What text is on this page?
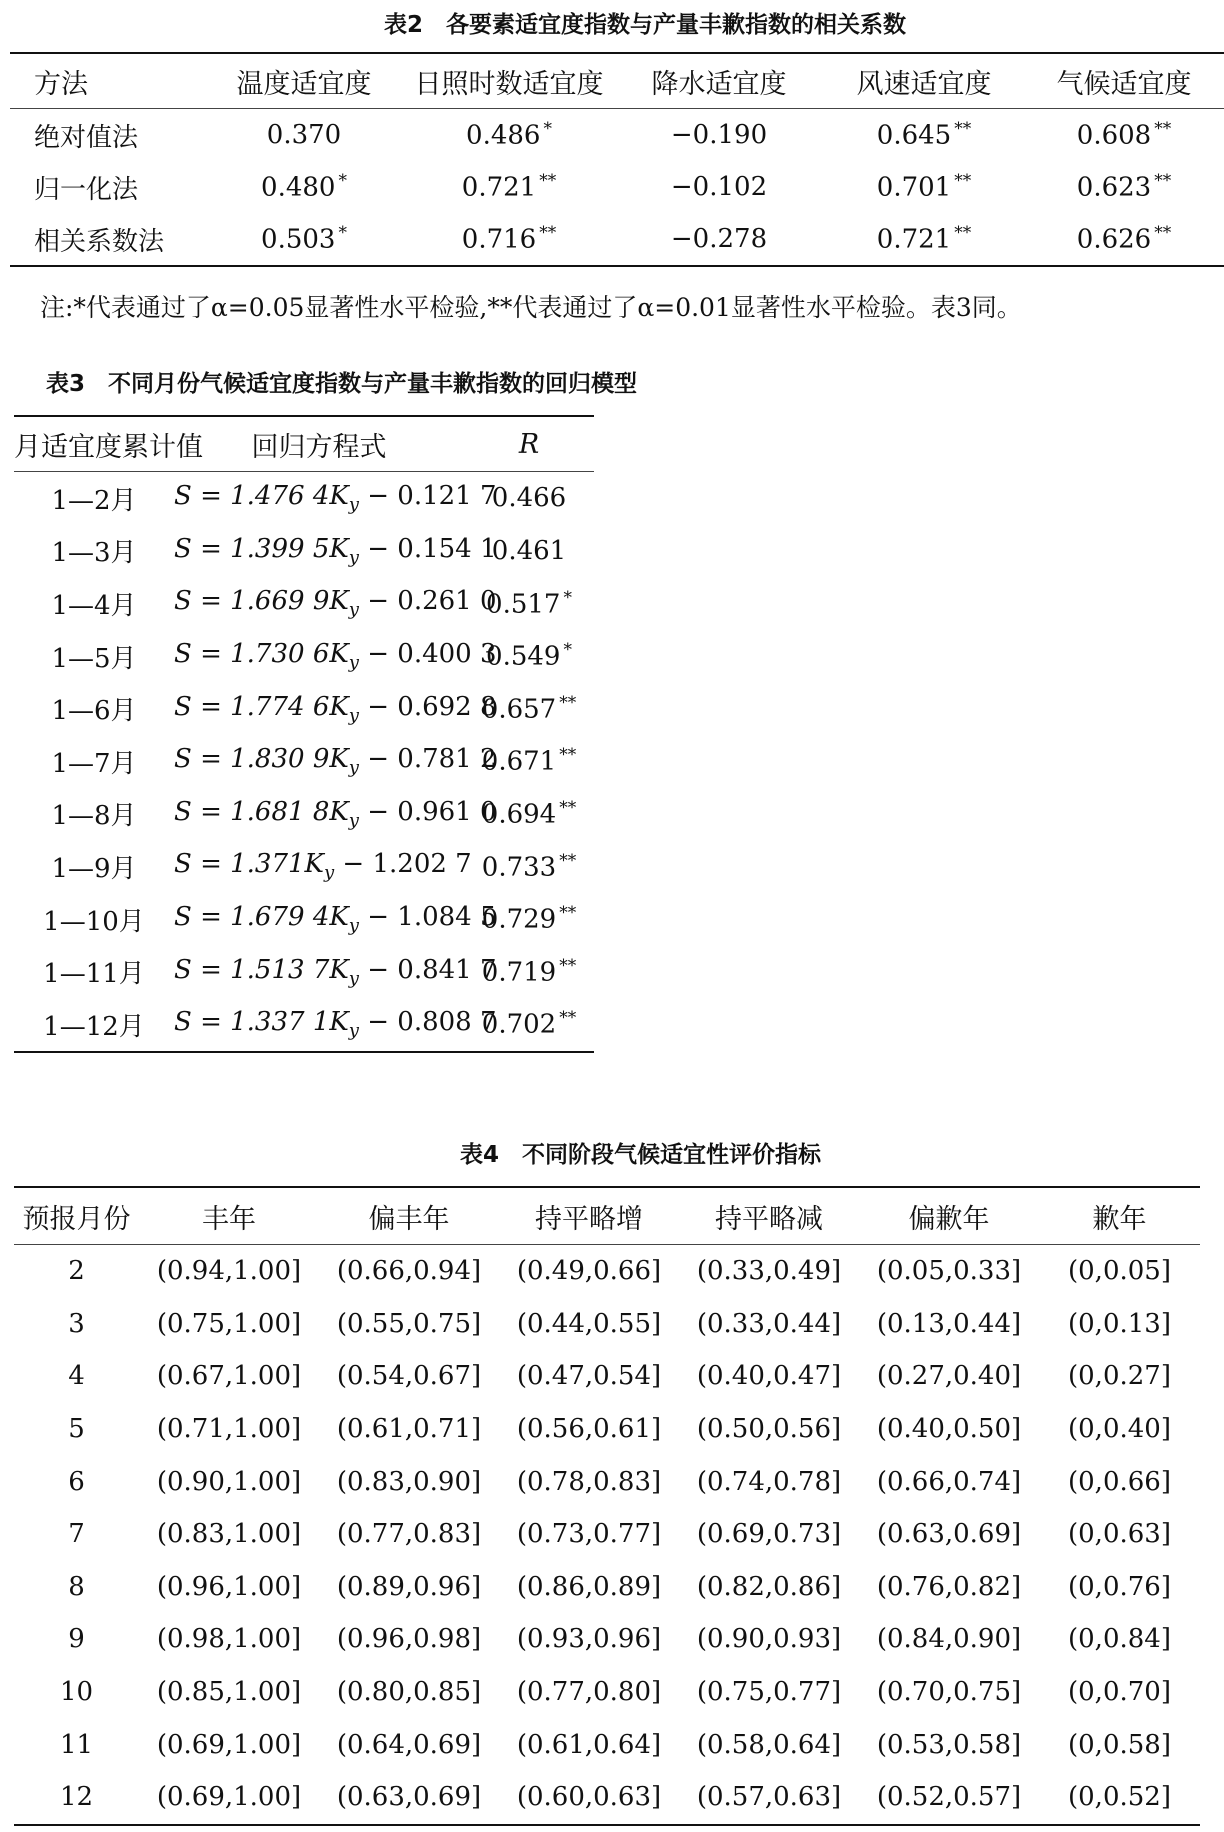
表2　各要素适宜度指数与产量丰歉指数的相关系数

方法	温度适宜度	日照时数适宜度	降水适宜度	风速适宜度	气候适宜度
绝对值法	0.370	0.486 *	−0.190	0.645 **	0.608 **
归一化法	0.480 *	0.721 **	−0.102	0.701 **	0.623 **
相关系数法	0.503 *	0.716 **	−0.278	0.721 **	0.626 **

注:*代表通过了α=0.05显著性水平检验,**代表通过了α=0.01显著性水平检验。表3同。

表3　不同月份气候适宜度指数与产量丰歉指数的回归模型

月适宜度累计值	回归方程式	R
1—2月	S = 1.476 $4K_y - 0.121$ 7	0.466
1—3月	S = 1.399 $5K_y - 0.154$ 1	0.461
1—4月	S = 1.669 $9K_y - 0.261$ 0	0.517 *
1—5月	S = 1.730 $6K_y - 0.400$ 3	0.549 *
1—6月	S = 1.774 $6K_y - 0.692$ 8	0.657 **
1—7月	S = 1.830 $9K_y - 0.781$ 2	0.671 **
1—8月	S = 1.681 $8K_y - 0.961$ 0	0.694 **
1—9月	$S = 1.371K_y - 1.202$ 7	0.733 **
1—10月	S = 1.679 $4K_y - 1.084$ 5	0.729 **
1—11月	S = 1.513 $7K_y - 0.841$ 7	0.719 **
1—12月	S = 1.337 $1K_y - 0.808$ 7	0.702 **

表4　不同阶段气候适宜性评价指标

预报月份	丰年	偏丰年	持平略增	持平略减	偏歉年	歉年
2	(0.94,1.00]	(0.66,0.94]	(0.49,0.66]	(0.33,0.49]	(0.05,0.33]	(0,0.05]
3	(0.75,1.00]	(0.55,0.75]	(0.44,0.55]	(0.33,0.44]	(0.13,0.44]	(0,0.13]
4	(0.67,1.00]	(0.54,0.67]	(0.47,0.54]	(0.40,0.47]	(0.27,0.40]	(0,0.27]
5	(0.71,1.00]	(0.61,0.71]	(0.56,0.61]	(0.50,0.56]	(0.40,0.50]	(0,0.40]
6	(0.90,1.00]	(0.83,0.90]	(0.78,0.83]	(0.74,0.78]	(0.66,0.74]	(0,0.66]
7	(0.83,1.00]	(0.77,0.83]	(0.73,0.77]	(0.69,0.73]	(0.63,0.69]	(0,0.63]
8	(0.96,1.00]	(0.89,0.96]	(0.86,0.89]	(0.82,0.86]	(0.76,0.82]	(0,0.76]
9	(0.98,1.00]	(0.96,0.98]	(0.93,0.96]	(0.90,0.93]	(0.84,0.90]	(0,0.84]
10	(0.85,1.00]	(0.80,0.85]	(0.77,0.80]	(0.75,0.77]	(0.70,0.75]	(0,0.70]
11	(0.69,1.00]	(0.64,0.69]	(0.61,0.64]	(0.58,0.64]	(0.53,0.58]	(0,0.58]
12	(0.69,1.00]	(0.63,0.69]	(0.60,0.63]	(0.57,0.63]	(0.52,0.57]	(0,0.52]
